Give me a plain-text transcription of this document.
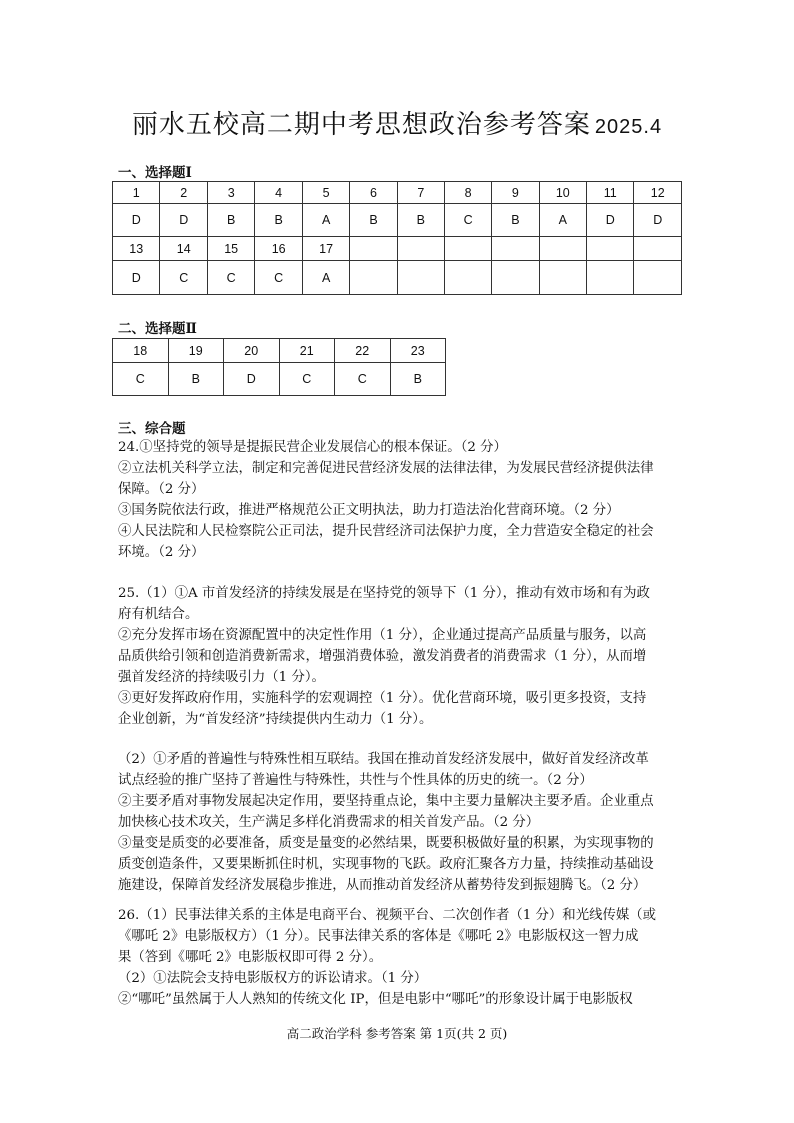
丽水五校高二期中考思想政治参考答案 2025.4
一、选择题Ⅰ
1	2	3	4	5	6	7	8	9	10	11	12
D	D	B	B	A	B	B	C	B	A	D	D
13	14	15	16	17							
D	C	C	C	A							
二、选择题Ⅱ
18	19	20	21	22	23
C	B	D	C	C	B
三、综合题
24.①坚持党的领导是提振民营企业发展信心的根本保证。（2 分）
②立法机关科学立法，制定和完善促进民营经济发展的法律法律，为发展民营经济提供法律
保障。（2 分）
③国务院依法行政，推进严格规范公正文明执法，助力打造法治化营商环境。（2 分）
④人民法院和人民检察院公正司法，提升民营经济司法保护力度，全力营造安全稳定的社会
环境。（2 分）
25.（1）①A 市首发经济的持续发展是在坚持党的领导下（1 分），推动有效市场和有为政
府有机结合。
②充分发挥市场在资源配置中的决定性作用（1 分），企业通过提高产品质量与服务，以高
品质供给引领和创造消费新需求，增强消费体验，激发消费者的消费需求（1 分），从而增
强首发经济的持续吸引力（1 分）。
③更好发挥政府作用，实施科学的宏观调控（1 分）。优化营商环境，吸引更多投资，支持
企业创新，为“首发经济”持续提供内生动力（1 分）。
（2）①矛盾的普遍性与特殊性相互联结。我国在推动首发经济发展中，做好首发经济改革
试点经验的推广坚持了普遍性与特殊性，共性与个性具体的历史的统一。（2 分）
②主要矛盾对事物发展起决定作用，要坚持重点论，集中主要力量解决主要矛盾。企业重点
加快核心技术攻关，生产满足多样化消费需求的相关首发产品。（2 分）
③量变是质变的必要准备，质变是量变的必然结果，既要积极做好量的积累，为实现事物的
质变创造条件，又要果断抓住时机，实现事物的飞跃。政府汇聚各方力量，持续推动基础设
施建设，保障首发经济发展稳步推进，从而推动首发经济从蓄势待发到振翅腾飞。（2 分）
26.（1）民事法律关系的主体是电商平台、视频平台、二次创作者（1 分）和光线传媒（或
《哪吒 2》电影版权方）（1 分）。民事法律关系的客体是《哪吒 2》电影版权这一智力成
果（答到《哪吒 2》电影版权即可得 2 分）。
（2）①法院会支持电影版权方的诉讼请求。（1 分）
②“哪吒”虽然属于人人熟知的传统文化 IP，但是电影中“哪吒”的形象设计属于电影版权
高二政治学科 参考答案 第 1页(共 2 页)
